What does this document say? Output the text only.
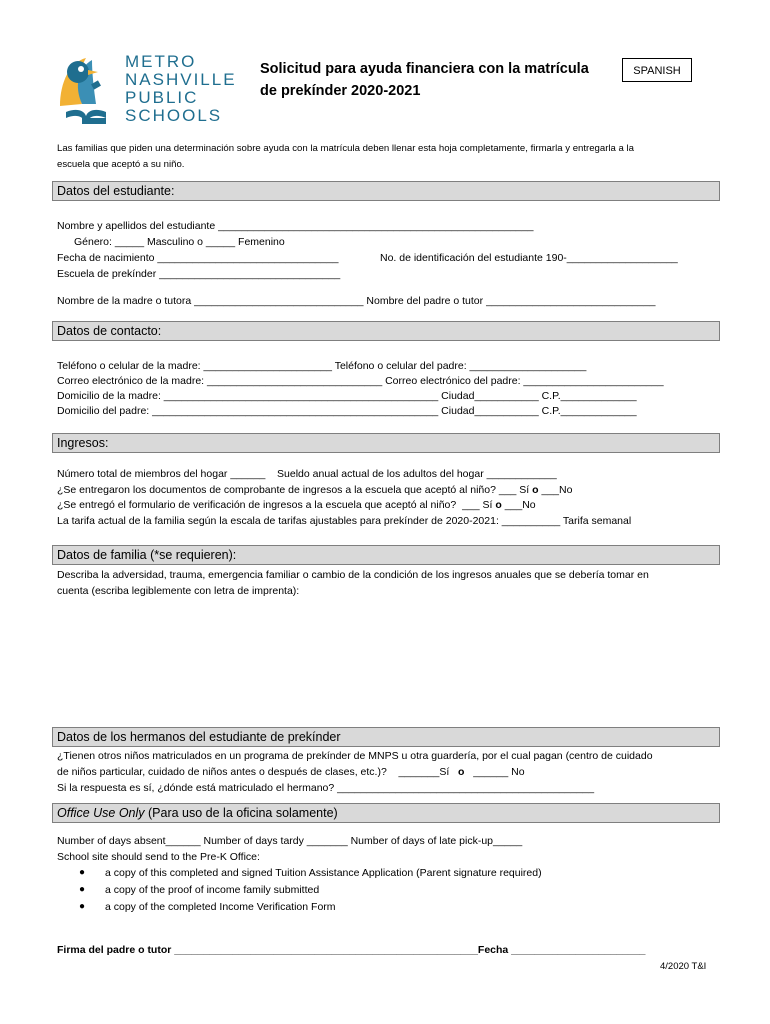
METRO
NASHVILLE
PUBLIC
SCHOOLS
Solicitud para ayuda financiera con la matrícula
de prekínder 2020-2021
SPANISH
Las familias que piden una determinación sobre ayuda con la matrícula deben llenar esta hoja completamente, firmarla y entregarla a la
escuela que aceptó a su niño.
Datos del estudiante:
Nombre y apellidos del estudiante ______________________________________________________
Género: _____ Masculino o _____ Femenino
Fecha de nacimiento _______________________________	No. de identificación del estudiante 190-___________________
Escuela de prekínder _______________________________
Nombre de la madre o tutora _____________________________ Nombre del padre o tutor _____________________________
Datos de contacto:
Teléfono o celular de la madre: ______________________ Teléfono o celular del padre: ____________________
Correo electrónico de la madre: ______________________________ Correo electrónico del padre: ________________________
Domicilio de la madre: _______________________________________________ Ciudad___________ C.P._____________
Domicilio del padre: _________________________________________________ Ciudad___________ C.P._____________
Ingresos:
Número total de miembros del hogar ______    Sueldo anual actual de los adultos del hogar ____________
¿Se entregaron los documentos de comprobante de ingresos a la escuela que aceptó al niño? ___ Sí o ___No
¿Se entregó el formulario de verificación de ingresos a la escuela que aceptó al niño?  ___ Sí o ___No
La tarifa actual de la familia según la escala de tarifas ajustables para prekínder de 2020-2021: __________ Tarifa semanal
Datos de familia (*se requieren):
Describa la adversidad, trauma, emergencia familiar o cambio de la condición de los ingresos anuales que se debería tomar en
cuenta (escriba legiblemente con letra de imprenta):
Datos de los hermanos del estudiante de prekínder
¿Tienen otros niños matriculados en un programa de prekínder de MNPS u otra guardería, por el cual pagan (centro de cuidado
de niños particular, cuidado de niños antes o después de clases, etc.)?    _______Sí   o   ______ No
Si la respuesta es sí, ¿dónde está matriculado el hermano? ____________________________________________
Office Use Only (Para uso de la oficina solamente)
Number of days absent______ Number of days tardy _______ Number of days of late pick-up_____
School site should send to the Pre-K Office:
● a copy of this completed and signed Tuition Assistance Application (Parent signature required)
● a copy of the proof of income family submitted
● a copy of the completed Income Verification Form
Firma del padre o tutor ____________________________________________________Fecha _______________________
4/2020 T&I
